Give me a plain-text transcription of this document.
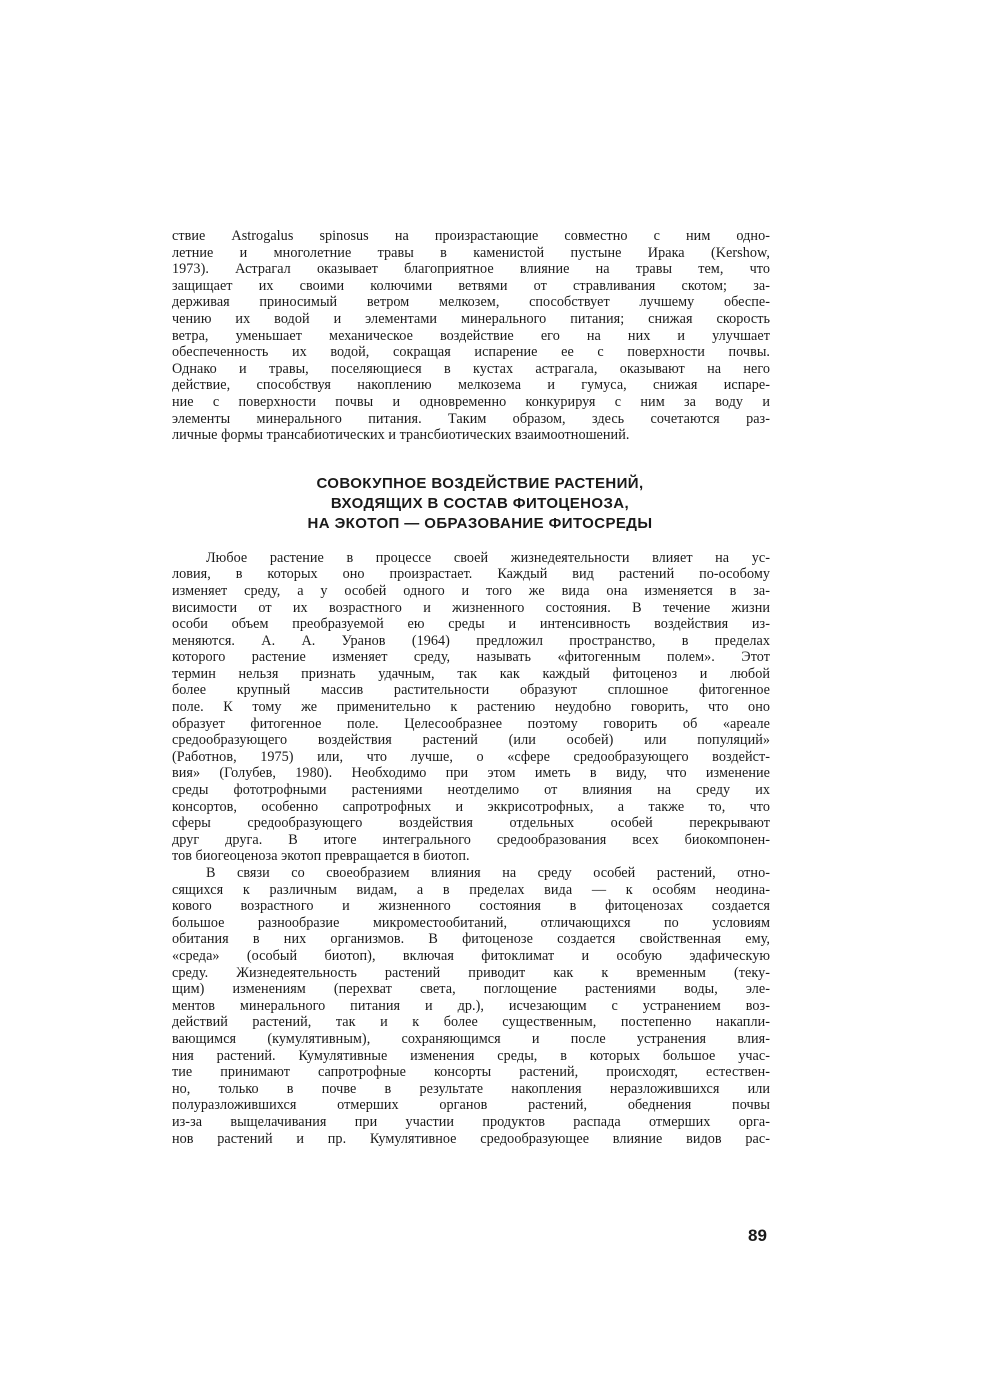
ствие Astrogalus spinosus на произрастающие совместно с ним одно-
летние и многолетние травы в каменистой пустыне Ирака (Kershow,
1973). Астрагал оказывает благоприятное влияние на травы тем, что
защищает их своими колючими ветвями от стравливания скотом; за-
держивая приносимый ветром мелкозем, способствует лучшему обеспе-
чению их водой и элементами минерального питания; снижая скорость
ветра, уменьшает механическое воздействие его на них и улучшает
обеспеченность их водой, сокращая испарение ее с поверхности почвы.
Однако и травы, поселяющиеся в кустах астрагала, оказывают на него
действие, способствуя накоплению мелкозема и гумуса, снижая испаре-
ние с поверхности почвы и одновременно конкурируя с ним за воду и
элементы минерального питания. Таким образом, здесь сочетаются раз-
личные формы трансабиотических и трансбиотических взаимоотношений.
СОВОКУПНОЕ ВОЗДЕЙСТВИЕ РАСТЕНИЙ,
ВХОДЯЩИХ В СОСТАВ ФИТОЦЕНОЗА,
НА ЭКОТОП — ОБРАЗОВАНИЕ ФИТОСРЕДЫ
Любое растение в процессе своей жизнедеятельности влияет на ус-
ловия, в которых оно произрастает. Каждый вид растений по-особому
изменяет среду, а у особей одного и того же вида она изменяется в за-
висимости от их возрастного и жизненного состояния. В течение жизни
особи объем преобразуемой ею среды и интенсивность воздействия из-
меняются. А. А. Уранов (1964) предложил пространство, в пределах
которого растение изменяет среду, называть «фитогенным полем». Этот
термин нельзя признать удачным, так как каждый фитоценоз и любой
более крупный массив растительности образуют сплошное фитогенное
поле. К тому же применительно к растению неудобно говорить, что оно
образует фитогенное поле. Целесообразнее поэтому говорить об «ареале
средообразующего воздействия растений (или особей) или популяций»
(Работнов, 1975) или, что лучше, о «сфере средообразующего воздейст-
вия» (Голубев, 1980). Необходимо при этом иметь в виду, что изменение
среды фототрофными растениями неотделимо от влияния на среду их
консортов, особенно сапротрофных и эккрисотрофных, а также то, что
сферы средообразующего воздействия отдельных особей перекрывают
друг друга. В итоге интегрального средообразования всех биокомпонен-
тов биогеоценоза экотоп превращается в биотоп.
В связи со своеобразием влияния на среду особей растений, отно-
сящихся к различным видам, а в пределах вида — к особям неодина-
кового возрастного и жизненного состояния в фитоценозах создается
большое разнообразие микроместообитаний, отличающихся по условиям
обитания в них организмов. В фитоценозе создается свойственная ему,
«среда» (особый биотоп), включая фитоклимат и особую эдафическую
среду. Жизнедеятельность растений приводит как к временным (теку-
щим) изменениям (перехват света, поглощение растениями воды, эле-
ментов минерального питания и др.), исчезающим с устранением воз-
действий растений, так и к более существенным, постепенно накапли-
вающимся (кумулятивным), сохраняющимся и после устранения влия-
ния растений. Кумулятивные изменения среды, в которых большое учас-
тие принимают сапротрофные консорты растений, происходят, естествен-
но, только в почве в результате накопления неразложившихся или
полуразложившихся отмерших органов растений, обеднения почвы
из-за выщелачивания при участии продуктов распада отмерших орга-
нов растений и пр. Кумулятивное средообразующее влияние видов рас-
89
